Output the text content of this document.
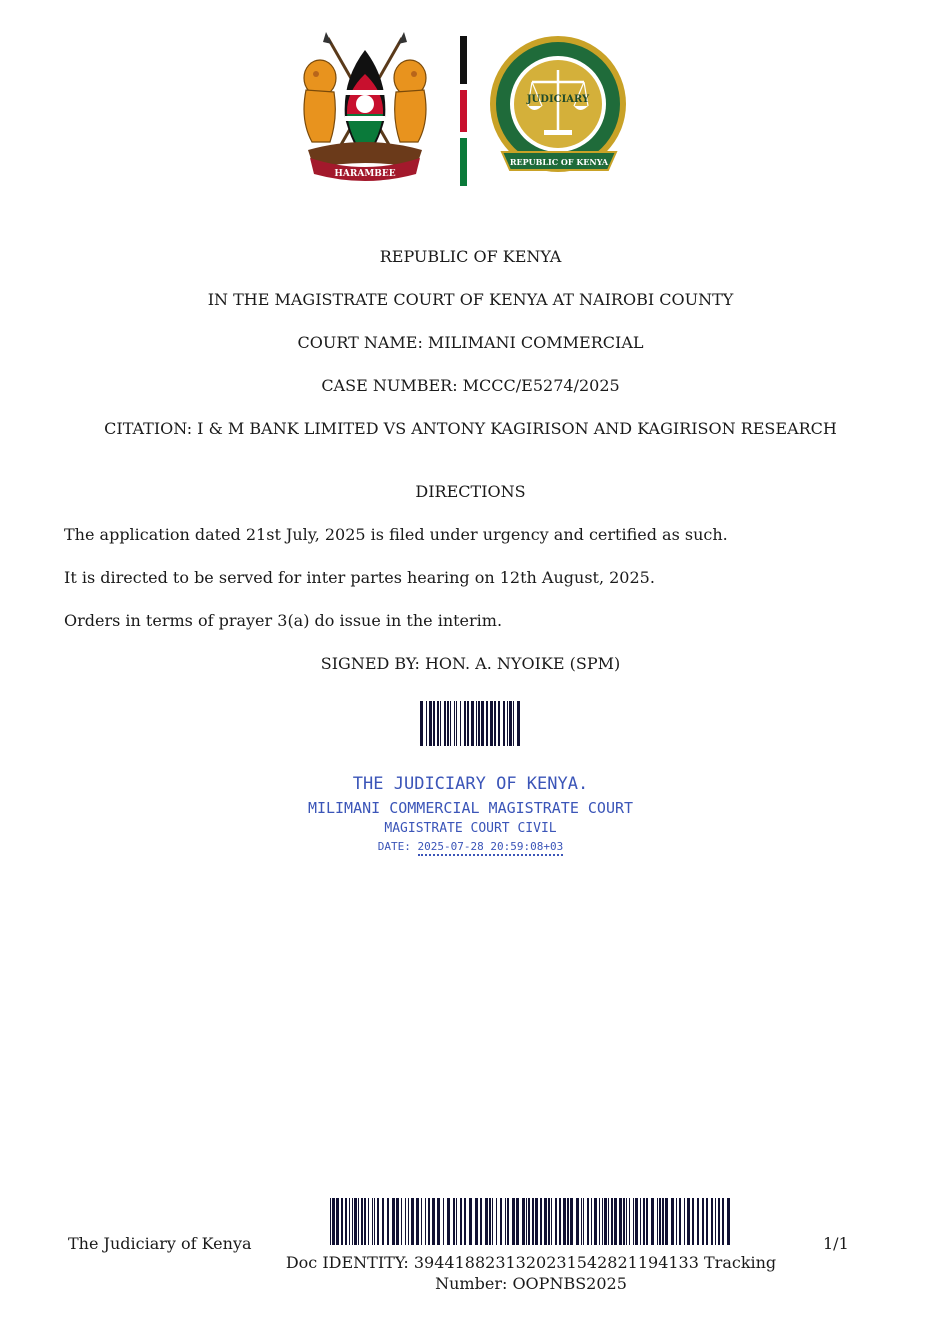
HARAMBEE
JUDICIARY
REPUBLIC OF KENYA
REPUBLIC OF KENYA
IN THE MAGISTRATE COURT OF KENYA AT NAIROBI COUNTY
COURT NAME: MILIMANI COMMERCIAL
CASE NUMBER: MCCC/E5274/2025
CITATION: I & M BANK LIMITED VS ANTONY KAGIRISON AND KAGIRISON RESEARCH
DIRECTIONS
The application dated 21st July, 2025 is filed under urgency and certified as such.
It is directed to be served for inter partes hearing on 12th August, 2025.
Orders in terms of prayer 3(a) do issue in the interim.
SIGNED BY: HON. A. NYOIKE (SPM)
THE JUDICIARY OF KENYA.
MILIMANI COMMERCIAL MAGISTRATE COURT
MAGISTRATE COURT CIVIL
DATE: 2025-07-28 20:59:08+03
The Judiciary of Kenya
Doc IDENTITY: 39441882313202315428211941​33 Tracking Number: OOPNBS2025
1/1
